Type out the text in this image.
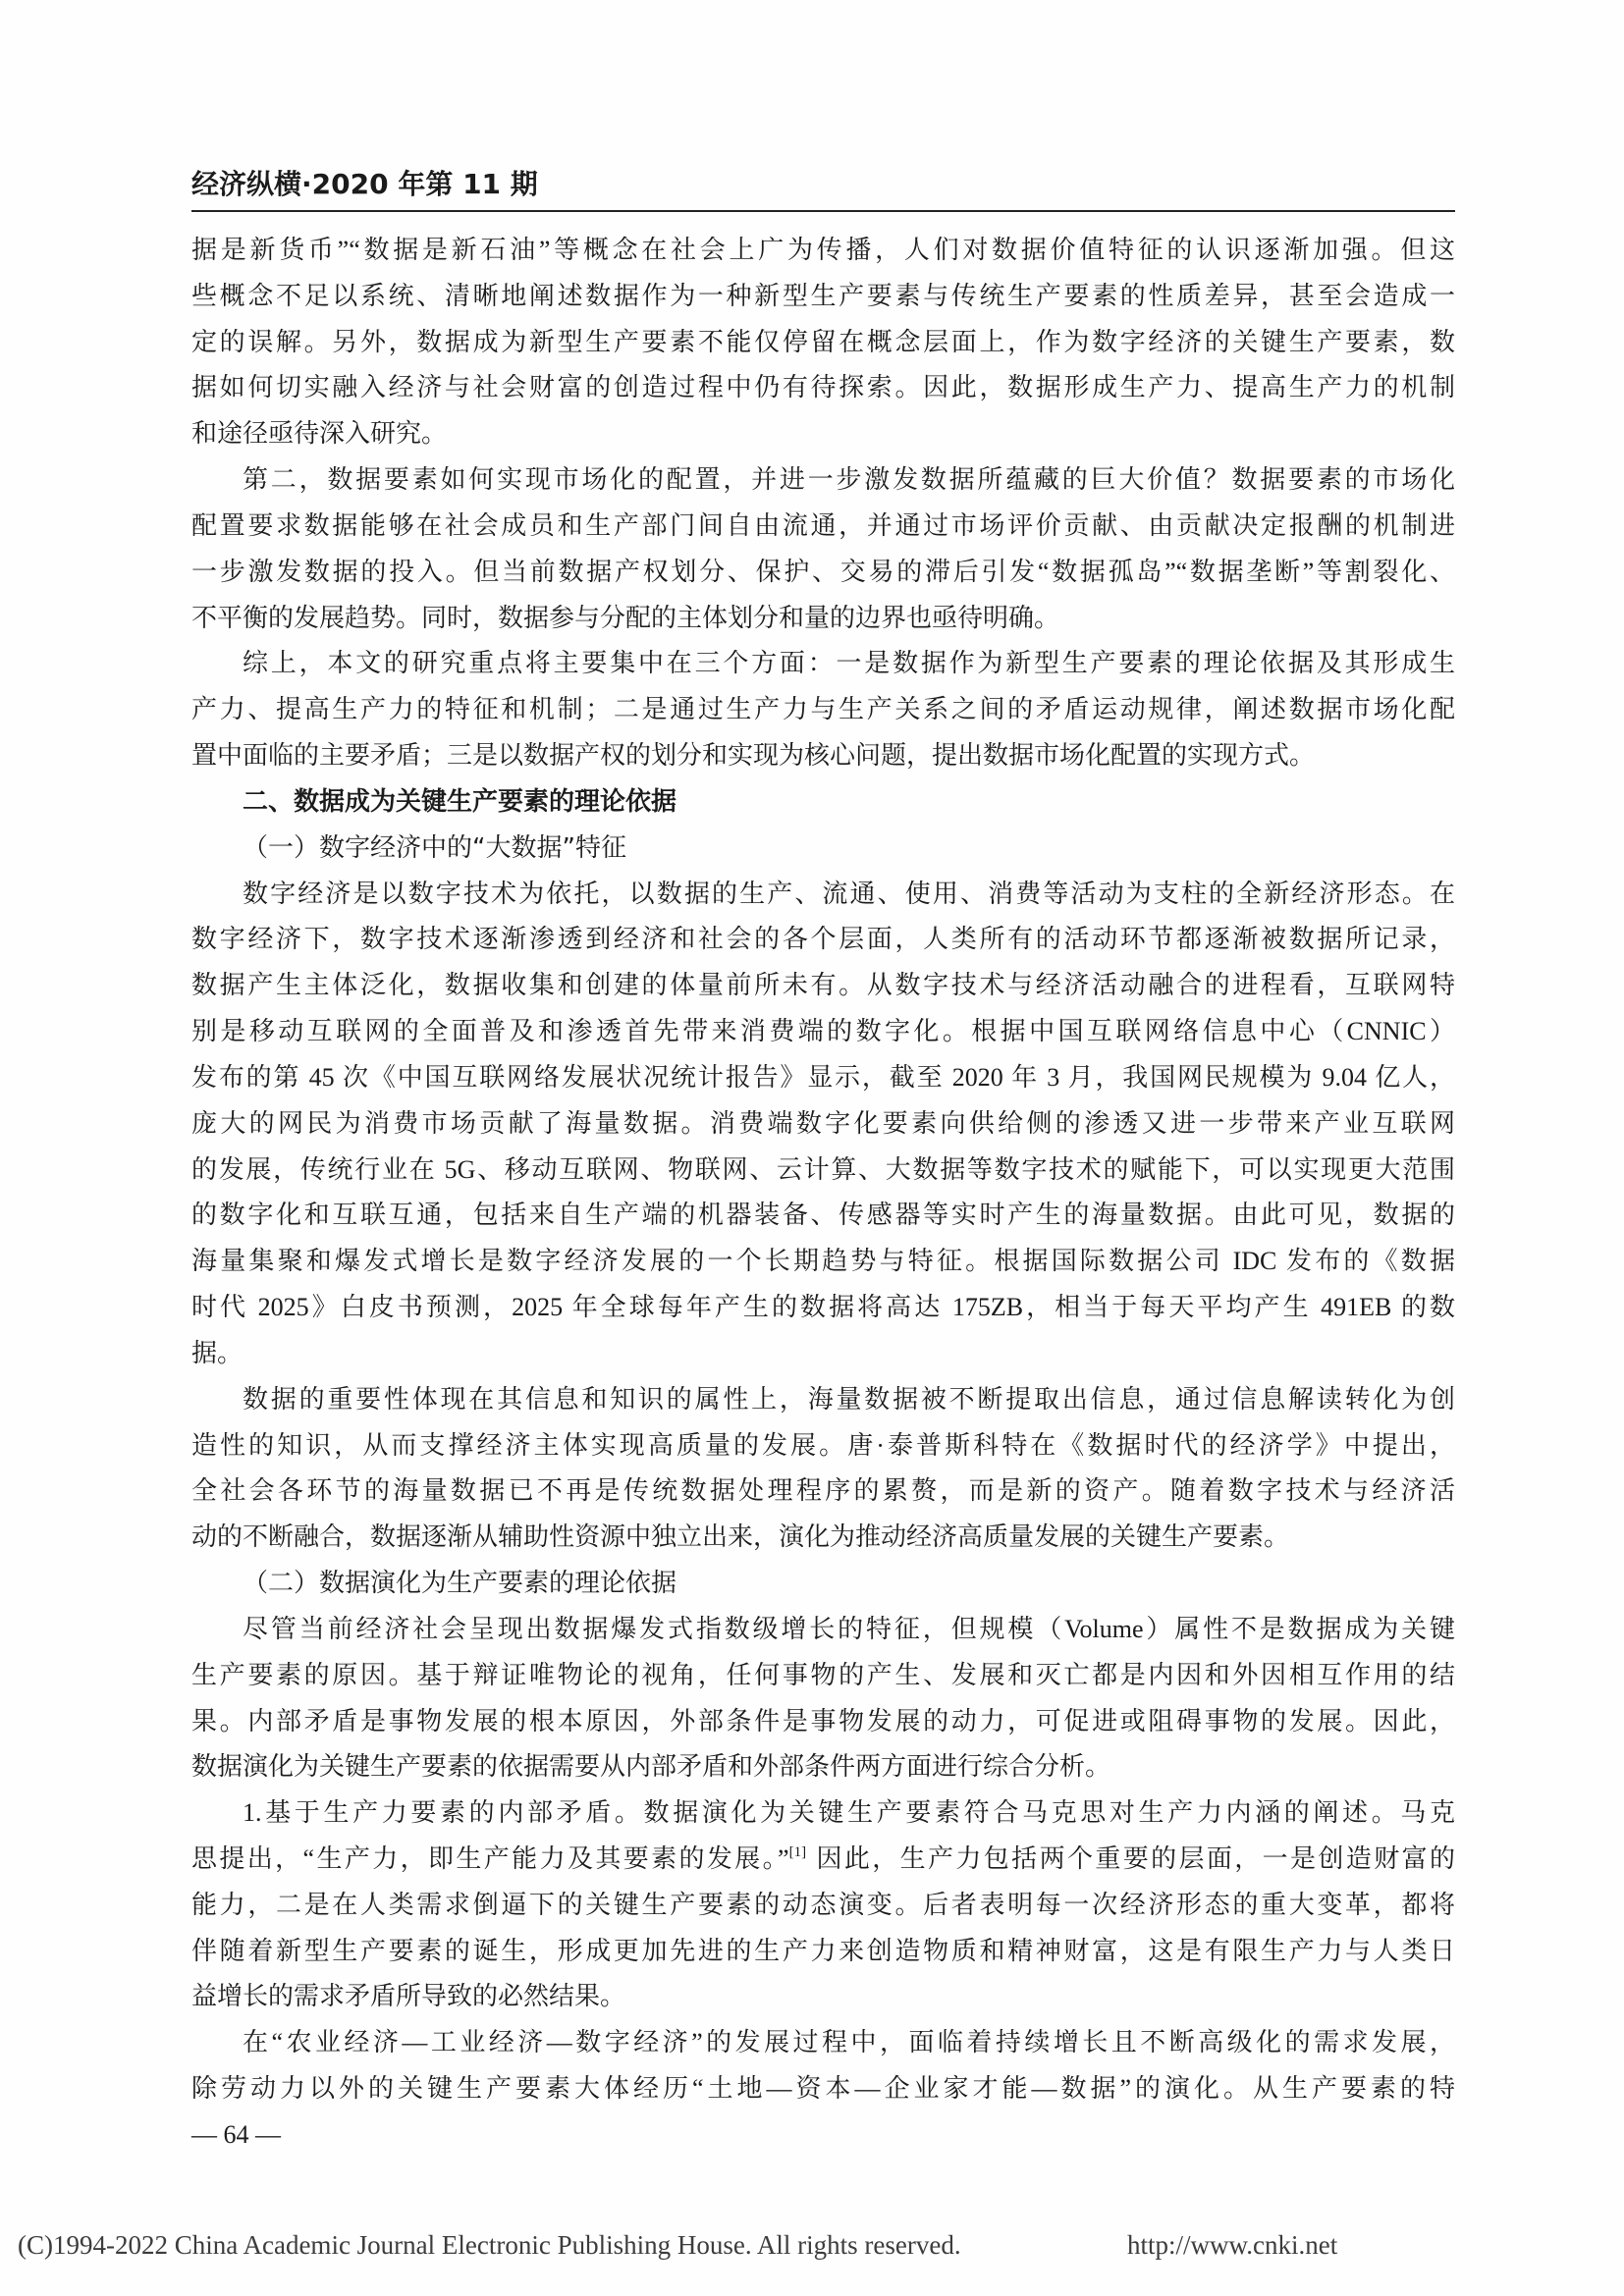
经济纵横·2020 年第 11 期
据是新货币”“数据是新石油”等概念在社会上广为传播，人们对数据价值特征的认识逐渐加强。但这
些概念不足以系统、清晰地阐述数据作为一种新型生产要素与传统生产要素的性质差异，甚至会造成一
定的误解。另外，数据成为新型生产要素不能仅停留在概念层面上，作为数字经济的关键生产要素，数
据如何切实融入经济与社会财富的创造过程中仍有待探索。因此，数据形成生产力、提高生产力的机制
和途径亟待深入研究。
第二，数据要素如何实现市场化的配置，并进一步激发数据所蕴藏的巨大价值？数据要素的市场化
配置要求数据能够在社会成员和生产部门间自由流通，并通过市场评价贡献、由贡献决定报酬的机制进
一步激发数据的投入。但当前数据产权划分、保护、交易的滞后引发“数据孤岛”“数据垄断”等割裂化、
不平衡的发展趋势。同时，数据参与分配的主体划分和量的边界也亟待明确。
综上，本文的研究重点将主要集中在三个方面：一是数据作为新型生产要素的理论依据及其形成生
产力、提高生产力的特征和机制；二是通过生产力与生产关系之间的矛盾运动规律，阐述数据市场化配
置中面临的主要矛盾；三是以数据产权的划分和实现为核心问题，提出数据市场化配置的实现方式。
二、数据成为关键生产要素的理论依据
（一）数字经济中的“大数据”特征
数字经济是以数字技术为依托，以数据的生产、流通、使用、消费等活动为支柱的全新经济形态。在
数字经济下，数字技术逐渐渗透到经济和社会的各个层面，人类所有的活动环节都逐渐被数据所记录，
数据产生主体泛化，数据收集和创建的体量前所未有。从数字技术与经济活动融合的进程看，互联网特
别是移动互联网的全面普及和渗透首先带来消费端的数字化。根据中国互联网络信息中心（CNNIC）
发布的第 45 次《中国互联网络发展状况统计报告》显示，截至 2020 年 3 月，我国网民规模为 9.04 亿人，
庞大的网民为消费市场贡献了海量数据。消费端数字化要素向供给侧的渗透又进一步带来产业互联网
的发展，传统行业在 5G、移动互联网、物联网、云计算、大数据等数字技术的赋能下，可以实现更大范围
的数字化和互联互通，包括来自生产端的机器装备、传感器等实时产生的海量数据。由此可见，数据的
海量集聚和爆发式增长是数字经济发展的一个长期趋势与特征。根据国际数据公司 IDC 发布的《数据
时代 2025》白皮书预测，2025 年全球每年产生的数据将高达 175ZB，相当于每天平均产生 491EB 的数
据。
数据的重要性体现在其信息和知识的属性上，海量数据被不断提取出信息，通过信息解读转化为创
造性的知识，从而支撑经济主体实现高质量的发展。唐·泰普斯科特在《数据时代的经济学》中提出，
全社会各环节的海量数据已不再是传统数据处理程序的累赘，而是新的资产。随着数字技术与经济活
动的不断融合，数据逐渐从辅助性资源中独立出来，演化为推动经济高质量发展的关键生产要素。
（二）数据演化为生产要素的理论依据
尽管当前经济社会呈现出数据爆发式指数级增长的特征，但规模（Volume）属性不是数据成为关键
生产要素的原因。基于辩证唯物论的视角，任何事物的产生、发展和灭亡都是内因和外因相互作用的结
果。内部矛盾是事物发展的根本原因，外部条件是事物发展的动力，可促进或阻碍事物的发展。因此，
数据演化为关键生产要素的依据需要从内部矛盾和外部条件两方面进行综合分析。
1.基于生产力要素的内部矛盾。数据演化为关键生产要素符合马克思对生产力内涵的阐述。马克
思提出，“生产力，即生产能力及其要素的发展。”[1] 因此，生产力包括两个重要的层面，一是创造财富的
能力，二是在人类需求倒逼下的关键生产要素的动态演变。后者表明每一次经济形态的重大变革，都将
伴随着新型生产要素的诞生，形成更加先进的生产力来创造物质和精神财富，这是有限生产力与人类日
益增长的需求矛盾所导致的必然结果。
在“农业经济—工业经济—数字经济”的发展过程中，面临着持续增长且不断高级化的需求发展，
除劳动力以外的关键生产要素大体经历“土地—资本—企业家才能—数据”的演化。从生产要素的特
— 64 —
(C)1994-2022 China Academic Journal Electronic Publishing House. All rights reserved.	http://www.cnki.net
